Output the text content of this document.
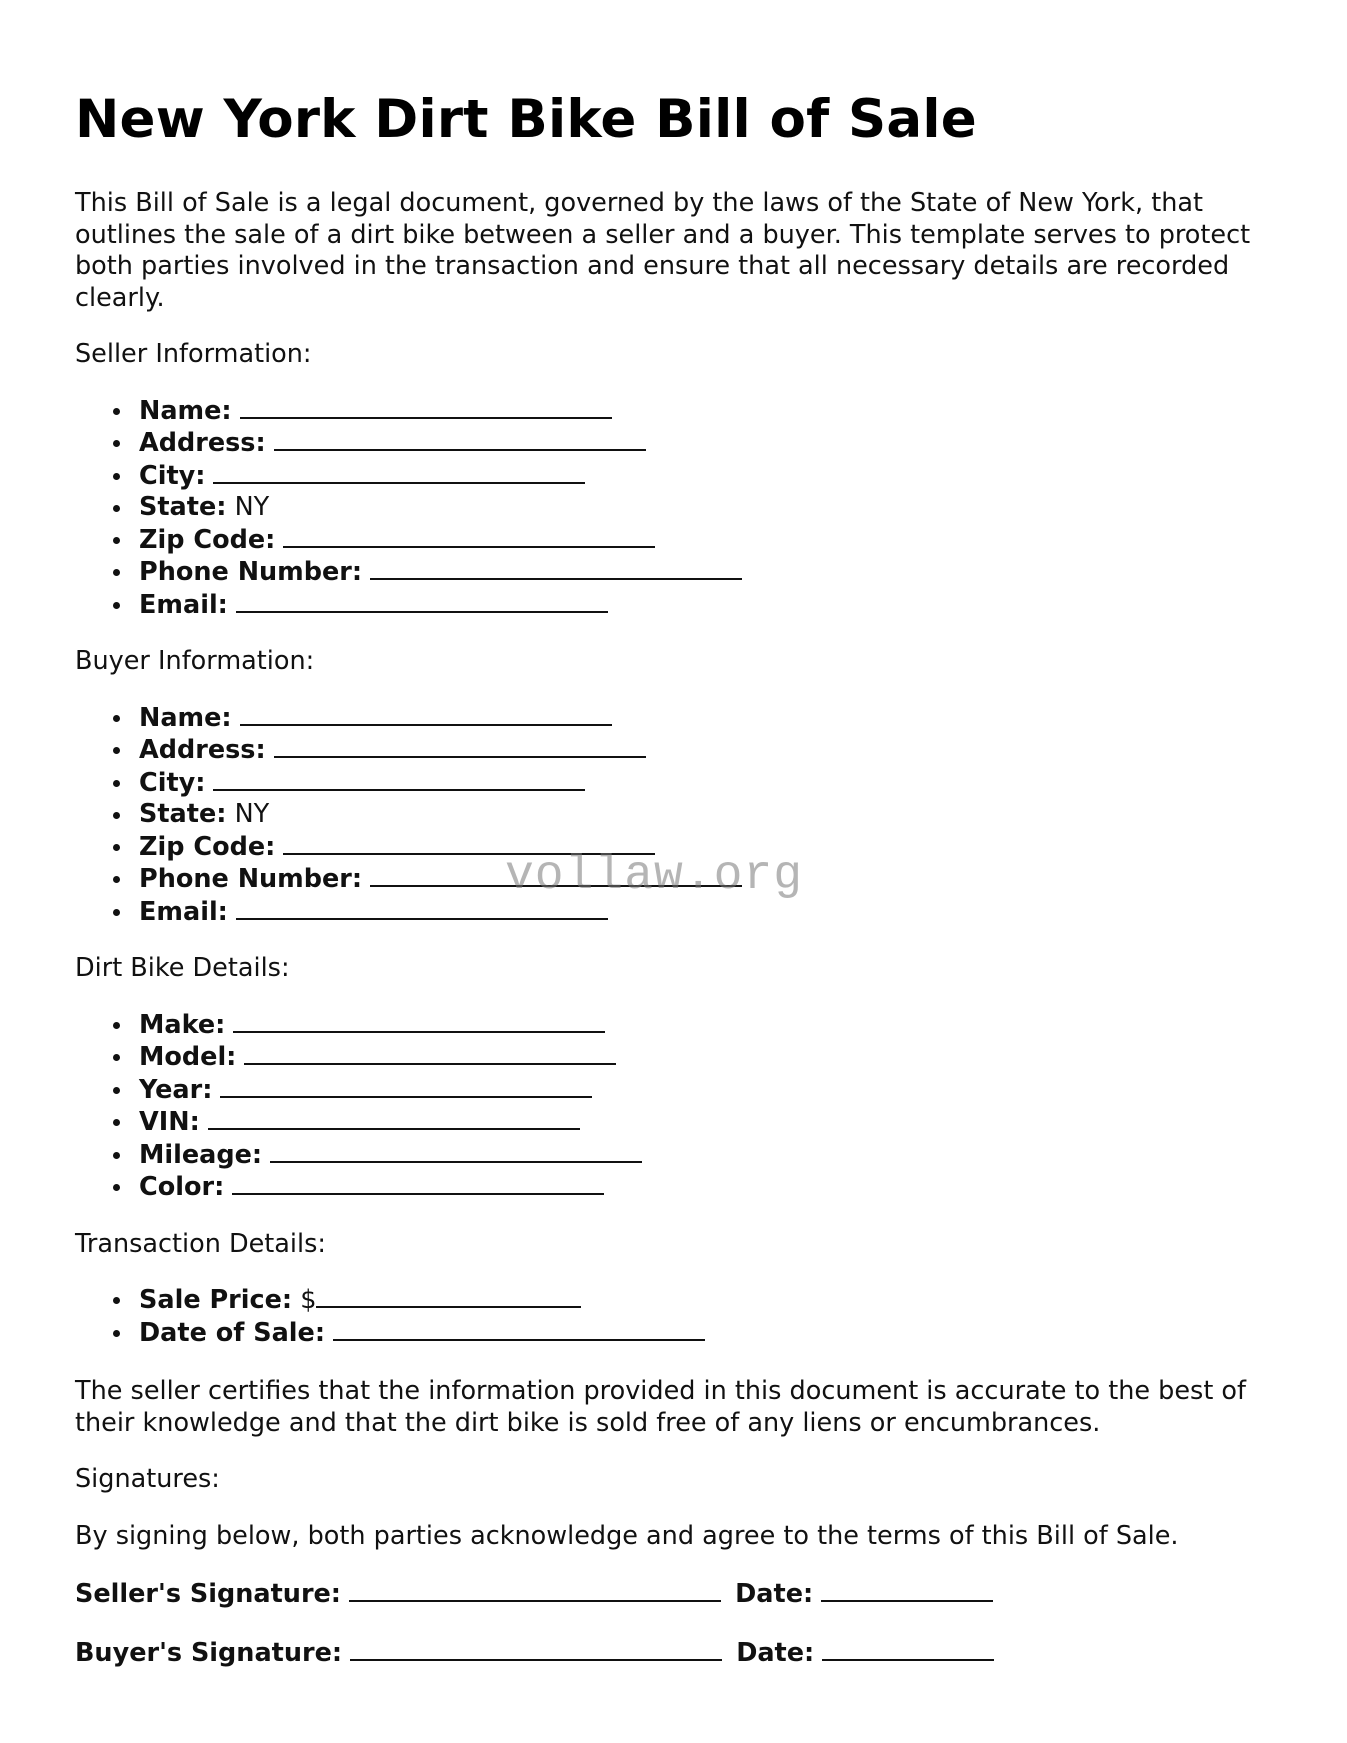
New York Dirt Bike Bill of Sale

This Bill of Sale is a legal document, governed by the laws of the State of New York, that outlines the sale of a dirt bike between a seller and a buyer. This template serves to protect both parties involved in the transaction and ensure that all necessary details are recorded clearly.

Seller Information:

Name:
Address:
City:
State: NY
Zip Code:
Phone Number:
Email:

Buyer Information:

Name:
Address:
City:
State: NY
Zip Code:
Phone Number:
Email:

Dirt Bike Details:

Make:
Model:
Year:
VIN:
Mileage:
Color:

Transaction Details:

Sale Price: $
Date of Sale:

The seller certifies that the information provided in this document is accurate to the best of their knowledge and that the dirt bike is sold free of any liens or encumbrances.

Signatures:

By signing below, both parties acknowledge and agree to the terms of this Bill of Sale.

Seller's Signature:	Date:
Buyer's Signature:	Date:
vollaw.org
